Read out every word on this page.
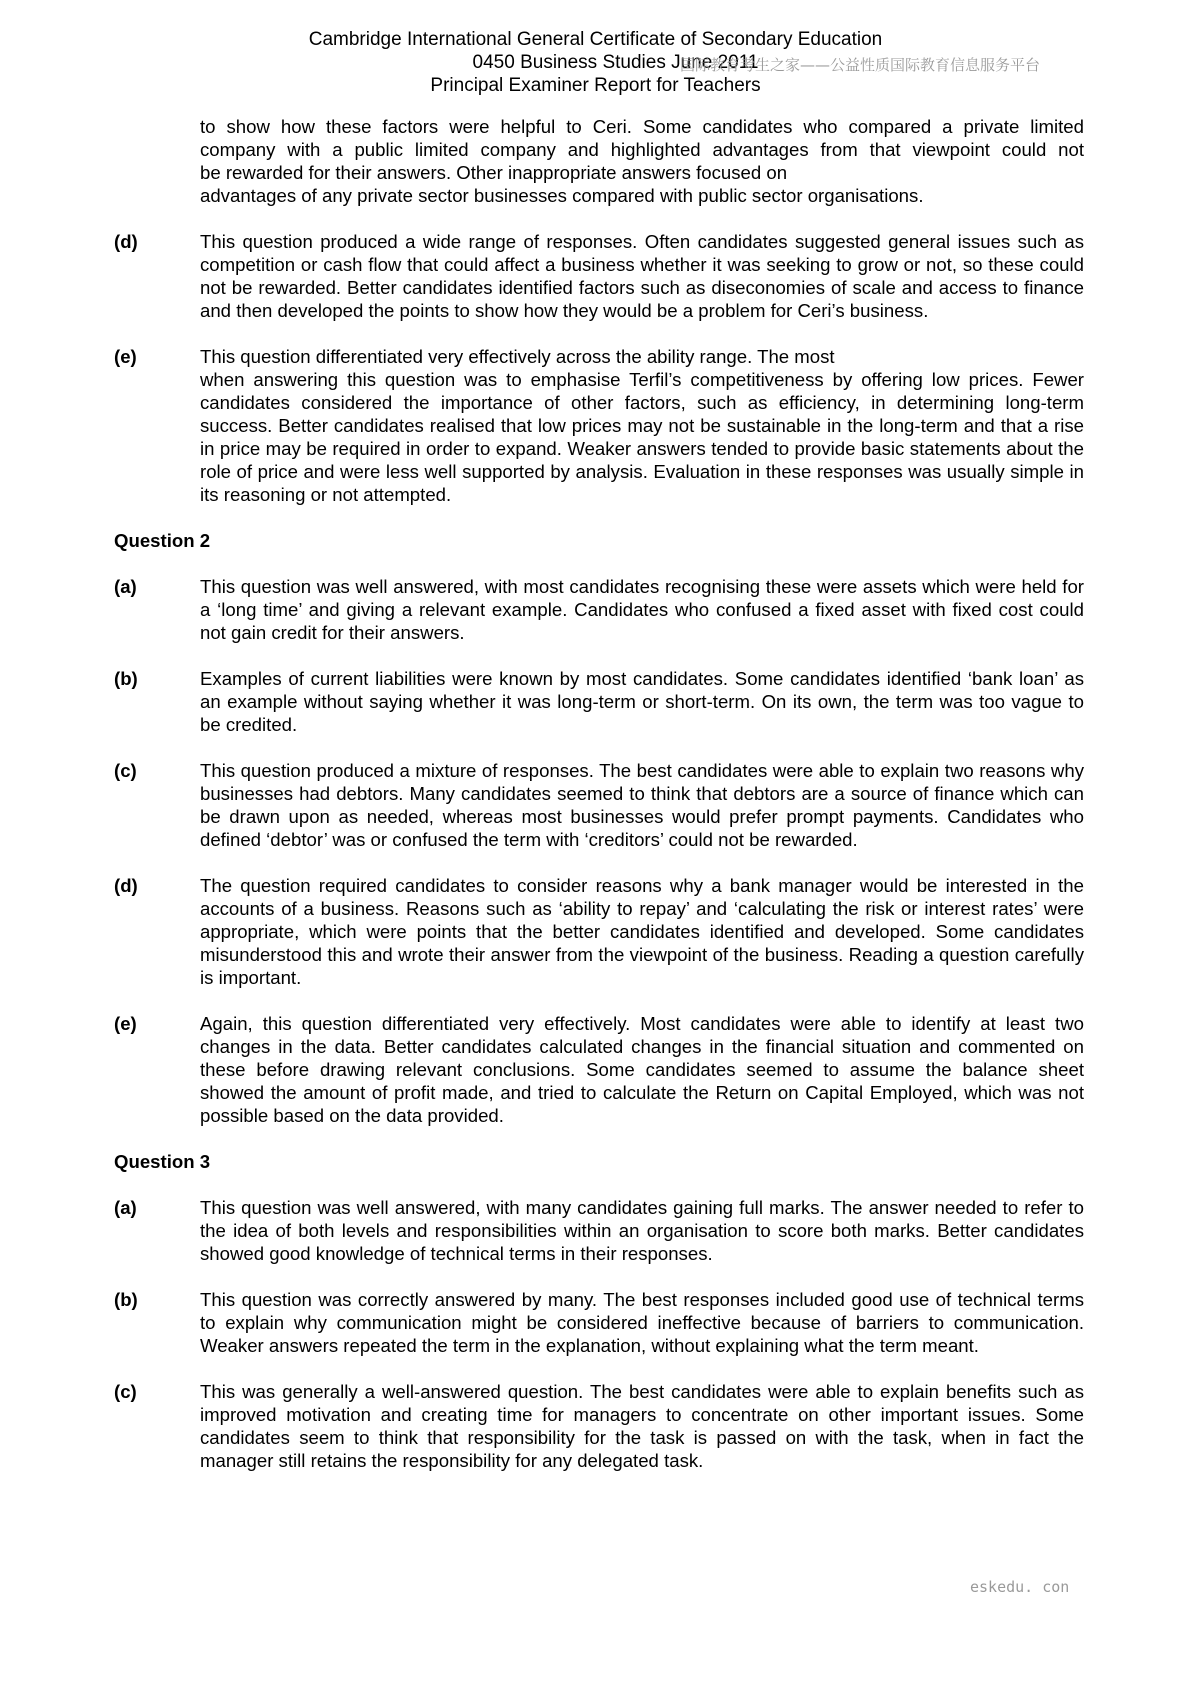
Cambridge International General Certificate of Secondary Education
0450 Business Studies June 2011
Principal Examiner Report for Teachers
国际教育考生之家——公益性质国际教育信息服务平台
to show how these factors were helpful to Ceri. Some candidates who compared a private limited
company with a public limited company and highlighted advantages from that viewpoint could not
be rewarded for their answers. Other inappropriate answers focused on
advantages of any private sector businesses compared with public sector organisations.
(d)	This question produced a wide range of responses. Often candidates suggested general issues such as competition or cash flow that could affect a business whether it was seeking to grow or not, so these could not be rewarded. Better candidates identified factors such as diseconomies of scale and access to finance and then developed the points to show how they would be a problem for Ceri’s business.
(e)	This question differentiated very effectively across the ability range. The most
when answering this question was to emphasise Terfil’s competitiveness by offering low prices. Fewer candidates considered the importance of other factors, such as efficiency, in determining long-term success. Better candidates realised that low prices may not be sustainable in the long-term and that a rise in price may be required in order to expand. Weaker answers tended to provide basic statements about the role of price and were less well supported by analysis. Evaluation in these responses was usually simple in its reasoning or not attempted.
Question 2
(a)	This question was well answered, with most candidates recognising these were assets which were held for a ‘long time’ and giving a relevant example. Candidates who confused a fixed asset with fixed cost could not gain credit for their answers.
(b)	Examples of current liabilities were known by most candidates. Some candidates identified ‘bank loan’ as an example without saying whether it was long-term or short-term. On its own, the term was too vague to be credited.
(c)	This question produced a mixture of responses. The best candidates were able to explain two reasons why businesses had debtors. Many candidates seemed to think that debtors are a source of finance which can be drawn upon as needed, whereas most businesses would prefer prompt payments. Candidates who defined ‘debtor’ was or confused the term with ‘creditors’ could not be rewarded.
(d)	The question required candidates to consider reasons why a bank manager would be interested in the accounts of a business. Reasons such as ‘ability to repay’ and ‘calculating the risk or interest rates’ were appropriate, which were points that the better candidates identified and developed. Some candidates misunderstood this and wrote their answer from the viewpoint of the business. Reading a question carefully is important.
(e)	Again, this question differentiated very effectively. Most candidates were able to identify at least two changes in the data. Better candidates calculated changes in the financial situation and commented on these before drawing relevant conclusions. Some candidates seemed to assume the balance sheet showed the amount of profit made, and tried to calculate the Return on Capital Employed, which was not possible based on the data provided.
Question 3
(a)	This question was well answered, with many candidates gaining full marks. The answer needed to refer to the idea of both levels and responsibilities within an organisation to score both marks. Better candidates showed good knowledge of technical terms in their responses.
(b)	This question was correctly answered by many. The best responses included good use of technical terms to explain why communication might be considered ineffective because of barriers to communication. Weaker answers repeated the term in the explanation, without explaining what the term meant.
(c)	This was generally a well-answered question. The best candidates were able to explain benefits such as improved motivation and creating time for managers to concentrate on other important issues. Some candidates seem to think that responsibility for the task is passed on with the task, when in fact the manager still retains the responsibility for any delegated task.
eskedu. con
